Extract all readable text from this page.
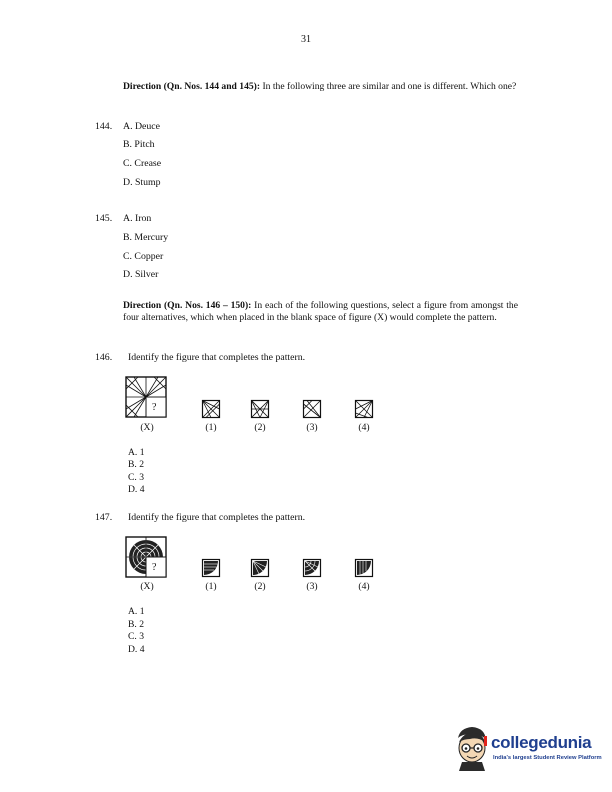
31
Direction (Qn. Nos. 144 and 145): In the following three are similar and one is different. Which one?
144. A. Deuce
B. Pitch
C. Crease
D. Stump
145. A. Iron
B. Mercury
C. Copper
D. Silver
Direction (Qn. Nos. 146 – 150): In each of the following questions, select a figure from amongst the four alternatives, which when placed in the blank space of figure (X) would complete the pattern.
146. Identify the figure that completes the pattern.
?
(X)	(1)	(2)	(3)	(4)
A. 1
B. 2
C. 3
D. 4
147. Identify the figure that completes the pattern.
?
(X)	(1)	(2)	(3)	(4)
A. 1
B. 2
C. 3
D. 4
collegedunia
India's largest Student Review Platform
